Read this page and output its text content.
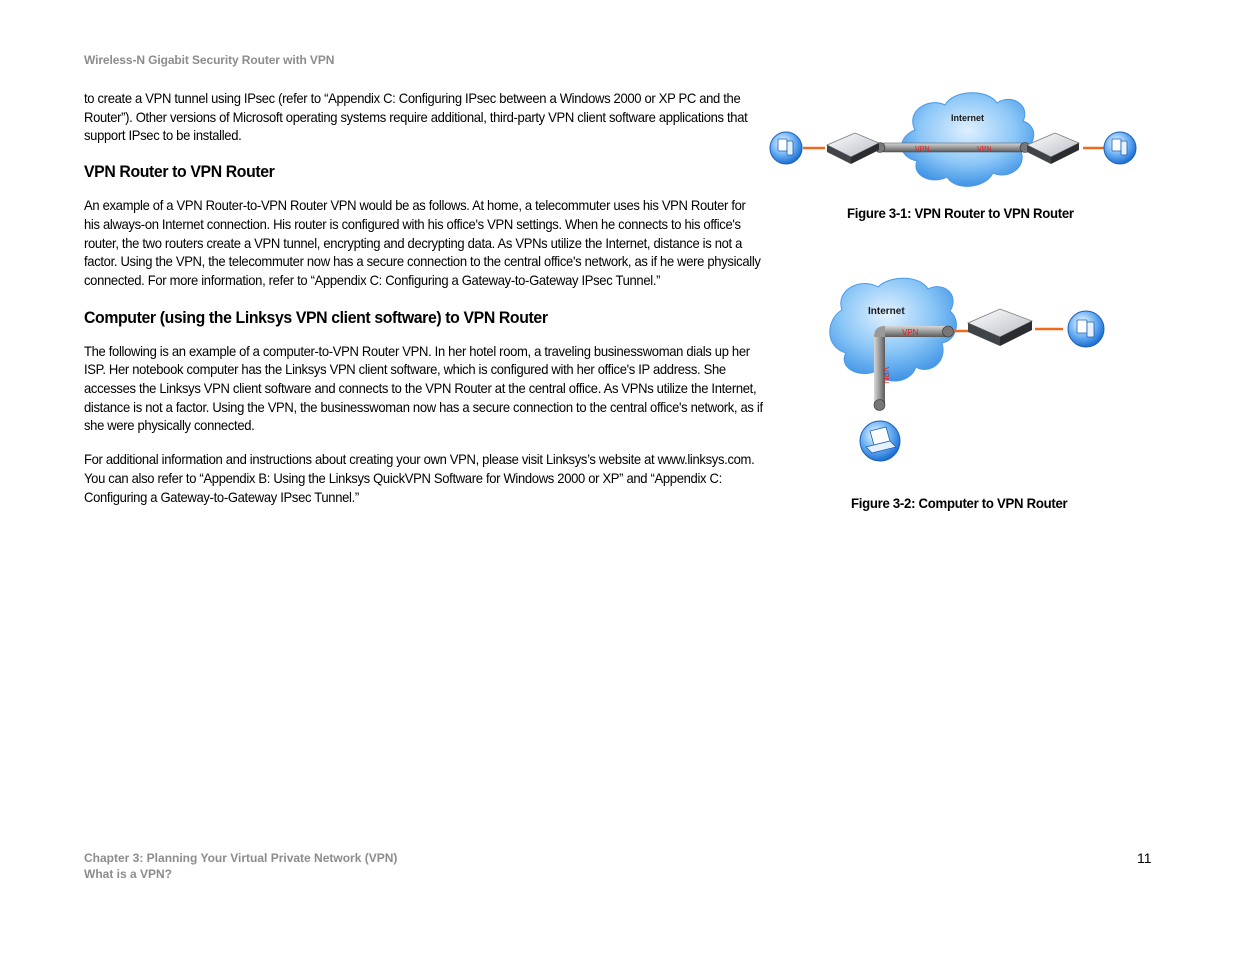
Wireless-N Gigabit Security Router with VPN

to create a VPN tunnel using IPsec (refer to “Appendix C: Configuring IPsec between a Windows 2000 or XP PC and the Router”). Other versions of Microsoft operating systems require additional, third-party VPN client software applications that support IPsec to be installed.

VPN Router to VPN Router

An example of a VPN Router-to-VPN Router VPN would be as follows. At home, a telecommuter uses his VPN Router for his always-on Internet connection. His router is configured with his office's VPN settings. When he connects to his office's router, the two routers create a VPN tunnel, encrypting and decrypting data. As VPNs utilize the Internet, distance is not a factor. Using the VPN, the telecommuter now has a secure connection to the central office's network, as if he were physically connected. For more information, refer to “Appendix C: Configuring a Gateway-to-Gateway IPsec Tunnel.”

Computer (using the Linksys VPN client software) to VPN Router

The following is an example of a computer-to-VPN Router VPN. In her hotel room, a traveling businesswoman dials up her ISP. Her notebook computer has the Linksys VPN client software, which is configured with her office's IP address. She accesses the Linksys VPN client software and connects to the VPN Router at the central office. As VPNs utilize the Internet, distance is not a factor. Using the VPN, the businesswoman now has a secure connection to the central office's network, as if she were physically connected.

For additional information and instructions about creating your own VPN, please visit Linksys’s website at www.linksys.com. You can also refer to “Appendix B: Using the Linksys QuickVPN Software for Windows 2000 or XP” and “Appendix C: Configuring a Gateway-to-Gateway IPsec Tunnel.”

Internet
VPN	VPN
Figure 3-1: VPN Router to VPN Router
Internet
VPN
VPN
Figure 3-2: Computer to VPN Router
Chapter 3: Planning Your Virtual Private Network (VPN)
What is a VPN?
11
